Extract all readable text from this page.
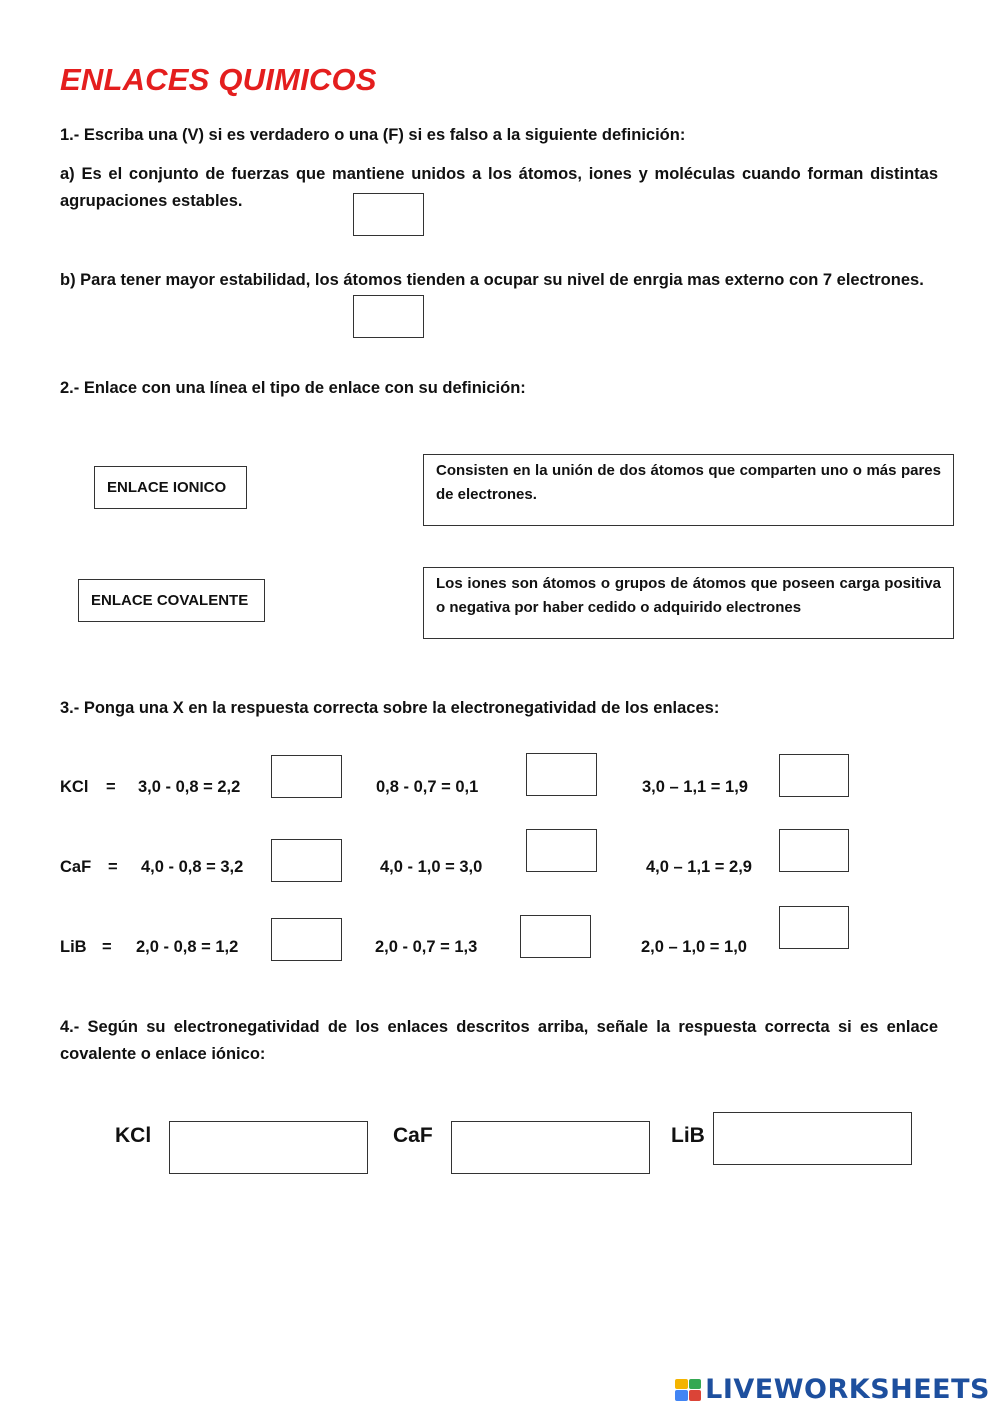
ENLACES QUIMICOS
1.- Escriba una (V) si es verdadero o una (F) si es falso a la siguiente definición:
a) Es el conjunto de fuerzas que mantiene unidos a los átomos, iones y moléculas cuando forman distintas agrupaciones estables.
b) Para tener mayor estabilidad, los átomos tienden a ocupar su nivel de enrgia mas externo con 7 electrones.
2.- Enlace con una línea el tipo de enlace con su definición:
ENLACE IONICO
ENLACE COVALENTE
Consisten en la unión de dos átomos que comparten uno o más pares de electrones.
Los iones son átomos o grupos de átomos que poseen carga positiva o negativa por haber cedido o adquirido electrones
3.- Ponga una X en la respuesta correcta sobre la electronegatividad de los enlaces:
KCl = 3,0 - 0,8 = 2,2	0,8 - 0,7 = 0,1	3,0 – 1,1 = 1,9
CaF = 4,0 - 0,8 = 3,2	4,0 - 1,0 = 3,0	4,0 – 1,1 = 2,9
LiB = 2,0 - 0,8 = 1,2	2,0 - 0,7 = 1,3	2,0 – 1,0 = 1,0
4.- Según su electronegatividad de los enlaces descritos arriba, señale la respuesta correcta si es enlace covalente o enlace iónico:
KCl	CaF	LiB
LIVEWORKSHEETS
